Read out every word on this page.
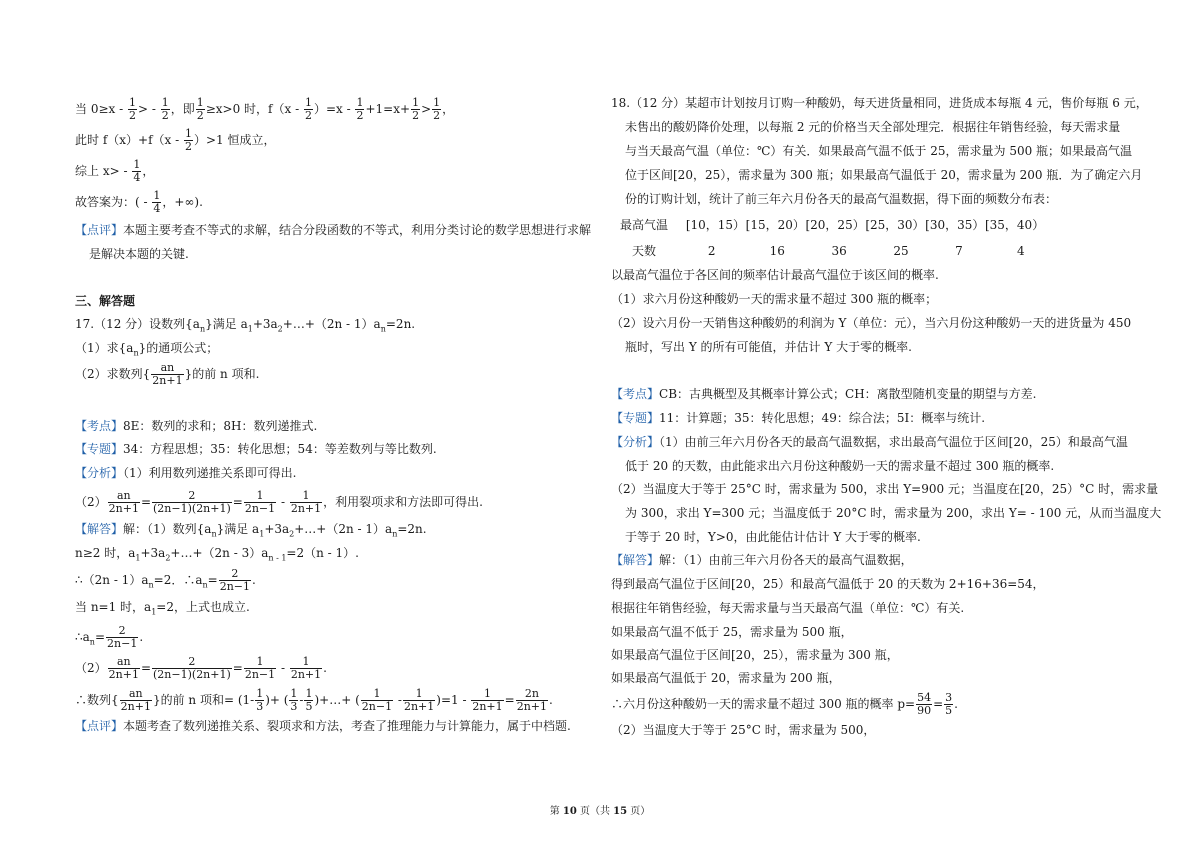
当 $0\ge x - \frac{1}{2}$ > - $\frac{1}{2}$ ，即 $\frac{1}{2} \ge x>0$ 时，$f(x - \frac{1}{2} )=x - \frac{1}{2} +1=x+ \frac{1}{2} > \frac{1}{2}$ ，
此时 $f(x)+f(x - \frac{1}{2} )>1$ 恒成立，
综上 $x> - \frac{1}{4}$ ，
故答案为：( - $\frac{1}{4}$ ，+∞).
【点评】本题主要考查不等式的求解，结合分段函数的不等式，利用分类讨论的数学思想进行求解
是解决本题的关键.
三、解答题
17.（12 分）设数列$\{a_n\}$满足 $a_1+3a_2+\dots+(2n - 1)a_n=2n$.
（1）求$\{a_n\}$的通项公式；
（2）求数列{ $\frac{an}{2n+1}$ }的前 n 项和.
【考点】8E：数列的求和；8H：数列递推式.
【专题】34：方程思想；35：转化思想；54：等差数列与等比数列.
【分析】（1）利用数列递推关系即可得出.
$(2) \frac{an}{2n+1} = \frac{2}{(2n-1)(2n+1)} = \frac{1}{2n-1} - \frac{1}{2n+1}$ ，利用裂项求和方法即可得出.
【解答】解：（1）数列$\{a_n\}$满足 $a_1+3a_2+\dots+(2n - 1)a_n=2n$.
n≥2 时，$a_1+3a_2+\dots+(2n - 3)a_{n - 1}=2(n - 1)$.
∴（2n - $1)a_n=2$．$\therefore a_n= \frac{2}{2n-1}$ .
当 n=1 时，$a_1=2$，上式也成立.
$\therefore a_n= \frac{2}{2n-1}$ .
$(2) \frac{an}{2n+1} = \frac{2}{(2n-1)(2n+1)} = \frac{1}{2n-1} - \frac{1}{2n+1}$ .
∴数列{ $\frac{an}{2n+1}$ }的前 n 项和= ($1- \frac{1}{3}$ )+ ( $\frac{1}{3} - \frac{1}{5}$ )+…+ ( $\frac{1}{2n-1} - \frac{1}{2n+1} )=1 - \frac{1}{2n+1} = \frac{2n}{2n+1}$ .
【点评】本题考查了数列递推关系、裂项求和方法，考查了推理能力与计算能力，属于中档题.
18.（12 分）某超市计划按月订购一种酸奶，每天进货量相同，进货成本每瓶 4 元，售价每瓶 6 元，
未售出的酸奶降价处理，以每瓶 2 元的价格当天全部处理完．根据往年销售经验，每天需求量
与当天最高气温（单位：℃）有关．如果最高气温不低于 25，需求量为 500 瓶；如果最高气温
位于区间[20，25），需求量为 300 瓶；如果最高气温低于 20，需求量为 200 瓶．为了确定六月
份的订购计划，统计了前三年六月份各天的最高气温数据，得下面的频数分布表：
最高气温 [10，15） [15，20） [20，25） [25，30） [30，35） [35，40）
天数	2	16	36	25	7	4
以最高气温位于各区间的频率估计最高气温位于该区间的概率.
（1）求六月份这种酸奶一天的需求量不超过 300 瓶的概率；
（2）设六月份一天销售这种酸奶的利润为 Y（单位：元），当六月份这种酸奶一天的进货量为 450
瓶时，写出 Y 的所有可能值，并估计 Y 大于零的概率.
【考点】CB：古典概型及其概率计算公式；CH：离散型随机变量的期望与方差.
【专题】11：计算题；35：转化思想；49：综合法；5I：概率与统计.
【分析】（1）由前三年六月份各天的最高气温数据，求出最高气温位于区间[20，25）和最高气温
低于 20 的天数，由此能求出六月份这种酸奶一天的需求量不超过 300 瓶的概率.
（2）当温度大于等于 25°C 时，需求量为 500，求出 Y=900 元；当温度在[20，25）°C 时，需求量
为 300，求出 Y=300 元；当温度低于 20°C 时，需求量为 200，求出 Y= - 100 元，从而当温度大
于等于 20 时，Y>0，由此能估计估计 Y 大于零的概率.
【解答】解：（1）由前三年六月份各天的最高气温数据，
得到最高气温位于区间[20，25）和最高气温低于 20 的天数为 2+16+36=54，
根据往年销售经验，每天需求量与当天最高气温（单位：℃）有关.
如果最高气温不低于 25，需求量为 500 瓶，
如果最高气温位于区间[20，25），需求量为 300 瓶，
如果最高气温低于 20，需求量为 200 瓶，
∴六月份这种酸奶一天的需求量不超过 300 瓶的概率 $p= \frac{54}{90} = \frac{3}{5}$ .
（2）当温度大于等于 25°C 时，需求量为 500，
第 10 页（共 15 页）
